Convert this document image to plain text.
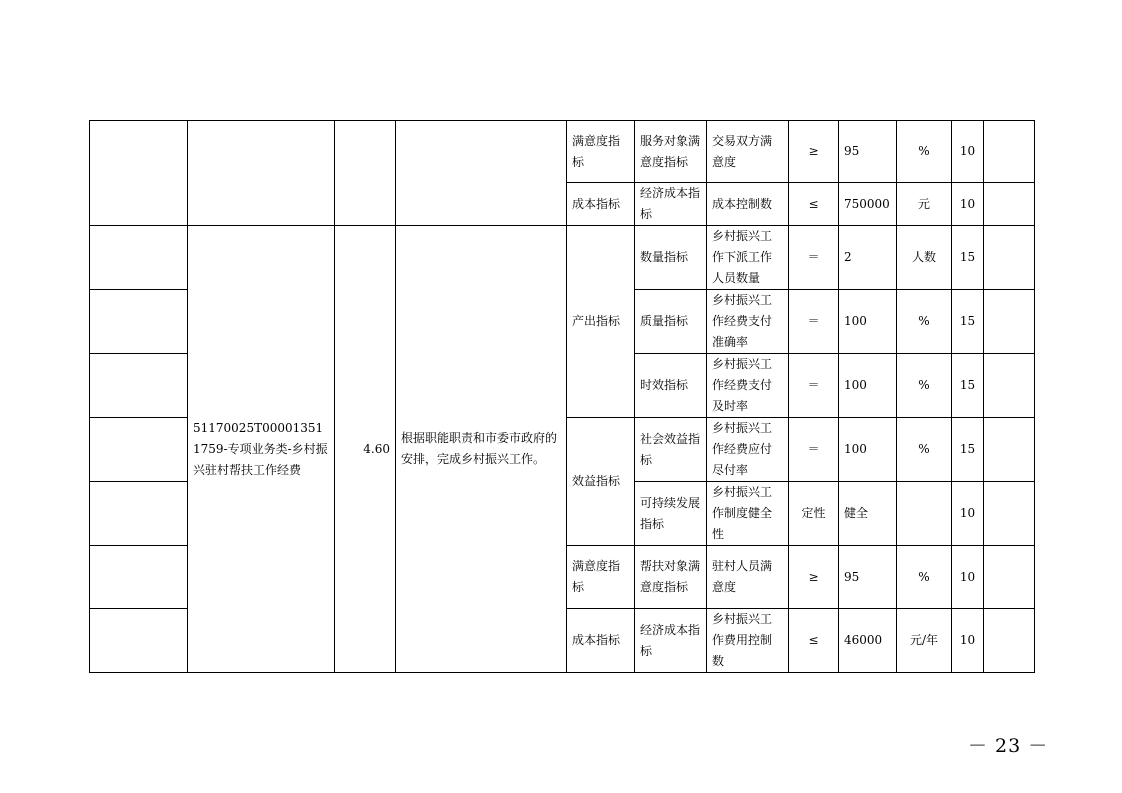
				满意度指标	服务对象满意度指标	交易双方满意度	≥	95	%	10	
				成本指标	经济成本指标	成本控制数	≤	750000	元	10	
	51170025T000013511759-专项业务类-乡村振兴驻村帮扶工作经费	4.60	根据职能职责和市委市政府的安排，完成乡村振兴工作。	产出指标	数量指标	乡村振兴工作下派工作人员数量	＝	2	人数	15	
					质量指标	乡村振兴工作经费支付准确率	＝	100	%	15	
					时效指标	乡村振兴工作经费支付及时率	＝	100	%	15	
				效益指标	社会效益指标	乡村振兴工作经费应付尽付率	＝	100	%	15	
					可持续发展指标	乡村振兴工作制度健全性	定性	健全		10	
				满意度指标	帮扶对象满意度指标	驻村人员满意度	≥	95	%	10	
				成本指标	经济成本指标	乡村振兴工作费用控制数	≤	46000	元/年	10	
－ 23 －
